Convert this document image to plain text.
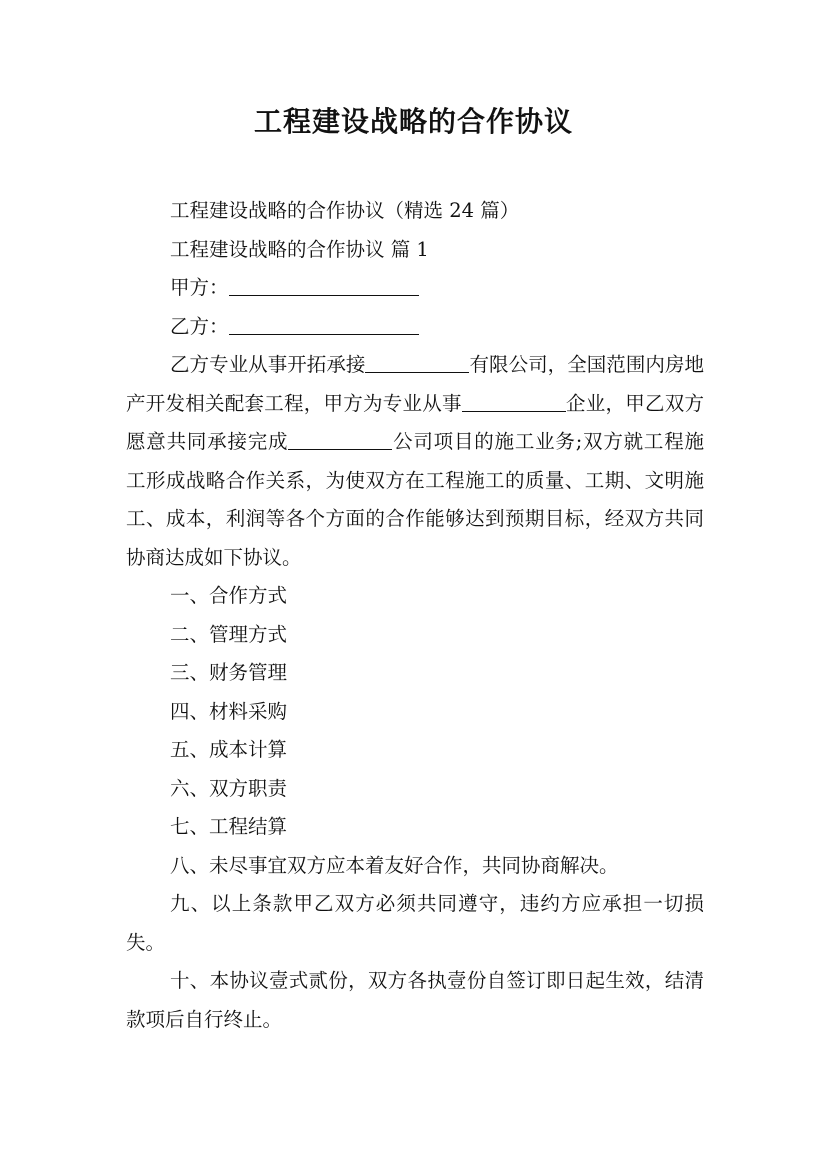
工程建设战略的合作协议

工程建设战略的合作协议（精选 24 篇）

工程建设战略的合作协议 篇 1

甲方：

乙方：

乙方专业从事开拓承接	有限公司，全国范围内房地产开发相关配套工程，甲方为专业从事	企业，甲乙双方愿意共同承接完成	公司项目的施工业务;双方就工程施工形成战略合作关系，为使双方在工程施工的质量、工期、文明施工、成本，利润等各个方面的合作能够达到预期目标，经双方共同协商达成如下协议。

一、合作方式

二、管理方式

三、财务管理

四、材料采购

五、成本计算

六、双方职责

七、工程结算

八、未尽事宜双方应本着友好合作，共同协商解决。

九、以上条款甲乙双方必须共同遵守，违约方应承担一切损失。

十、本协议壹式贰份，双方各执壹份自签订即日起生效，结清款项后自行终止。
